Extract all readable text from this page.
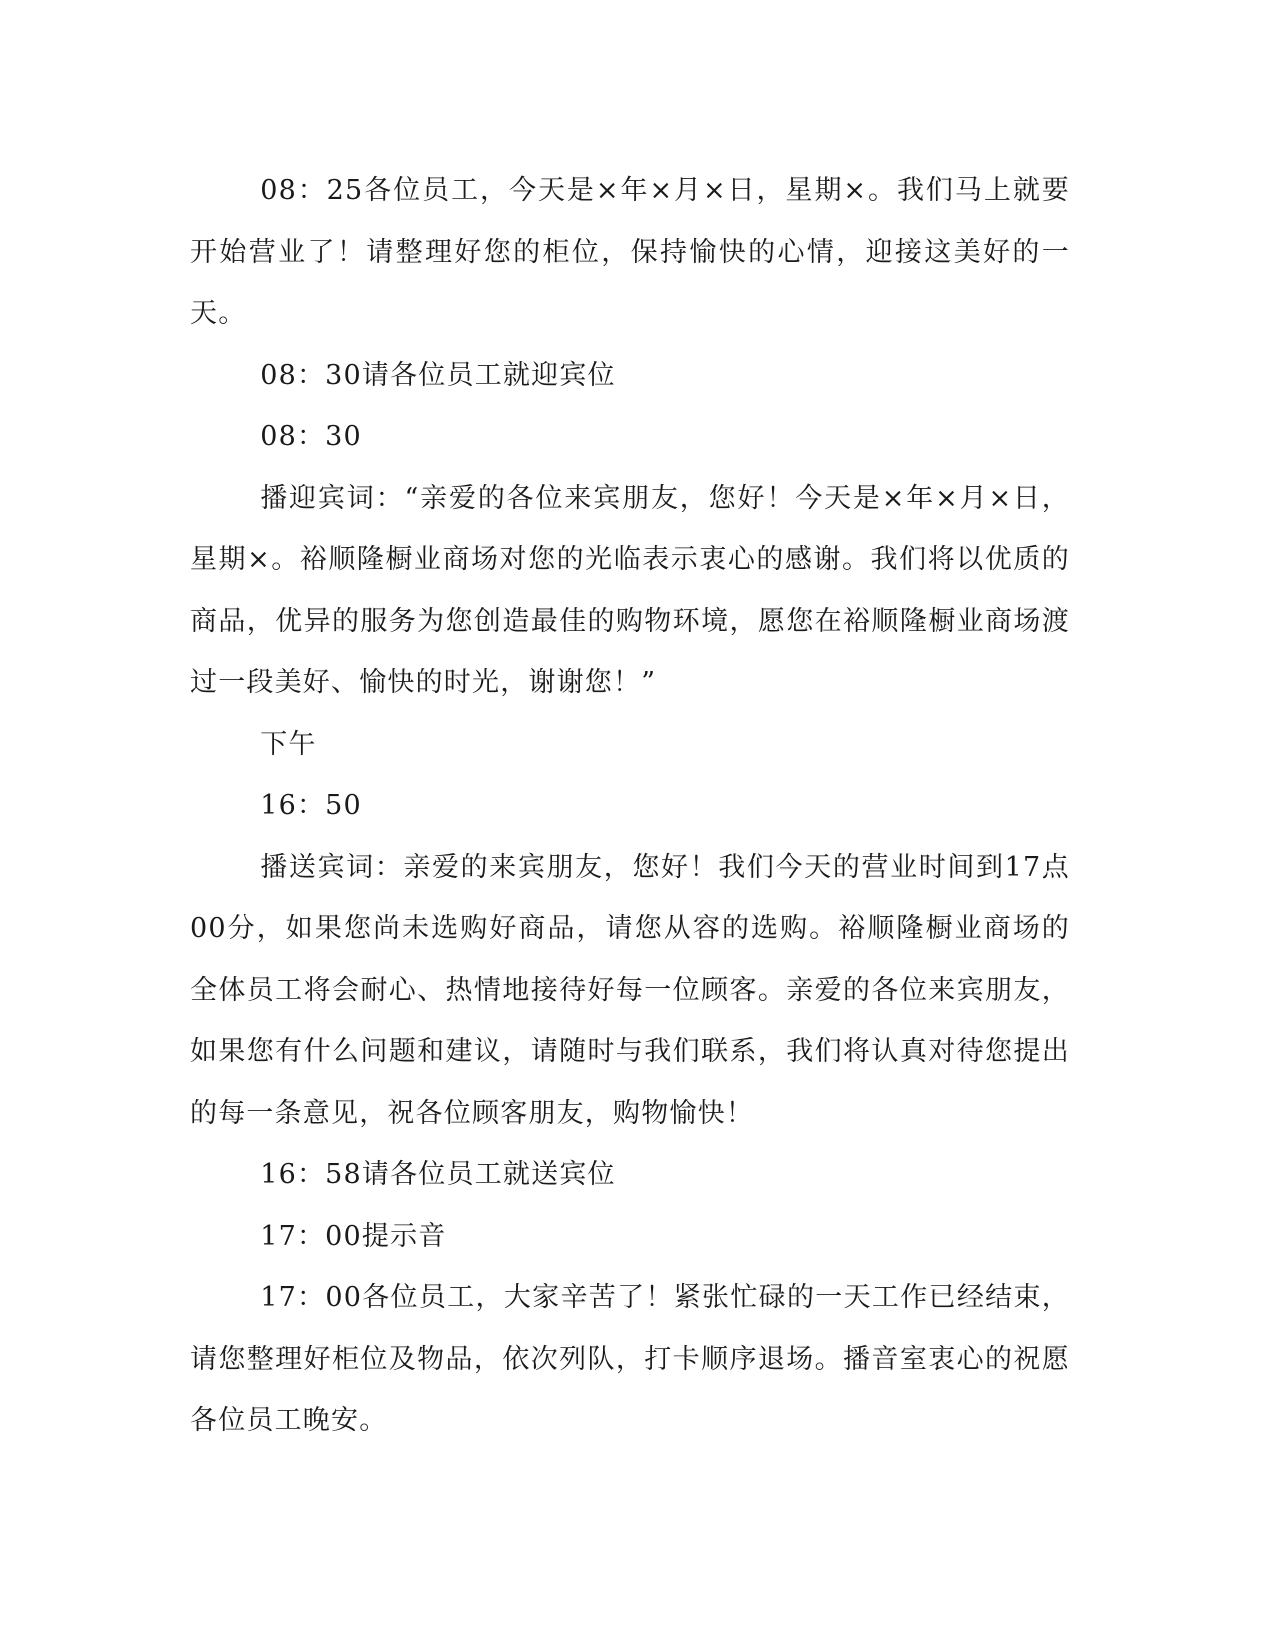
08：25各位员工，今天是×年×月×日，星期×。我们马上就要开始营业了！请整理好您的柜位，保持愉快的心情，迎接这美好的一天。

08：30请各位员工就迎宾位

08：30

播迎宾词：“亲爱的各位来宾朋友，您好！今天是×年×月×日，星期×。裕顺隆橱业商场对您的光临表示衷心的感谢。我们将以优质的商品，优异的服务为您创造最佳的购物环境，愿您在裕顺隆橱业商场渡过一段美好、愉快的时光，谢谢您！”

下午

16：50

播送宾词：亲爱的来宾朋友，您好！我们今天的营业时间到17点00分，如果您尚未选购好商品，请您从容的选购。裕顺隆橱业商场的全体员工将会耐心、热情地接待好每一位顾客。亲爱的各位来宾朋友，如果您有什么问题和建议，请随时与我们联系，我们将认真对待您提出的每一条意见，祝各位顾客朋友，购物愉快！

16：58请各位员工就送宾位

17：00提示音

17：00各位员工，大家辛苦了！紧张忙碌的一天工作已经结束，请您整理好柜位及物品，依次列队，打卡顺序退场。播音室衷心的祝愿各位员工晚安。
